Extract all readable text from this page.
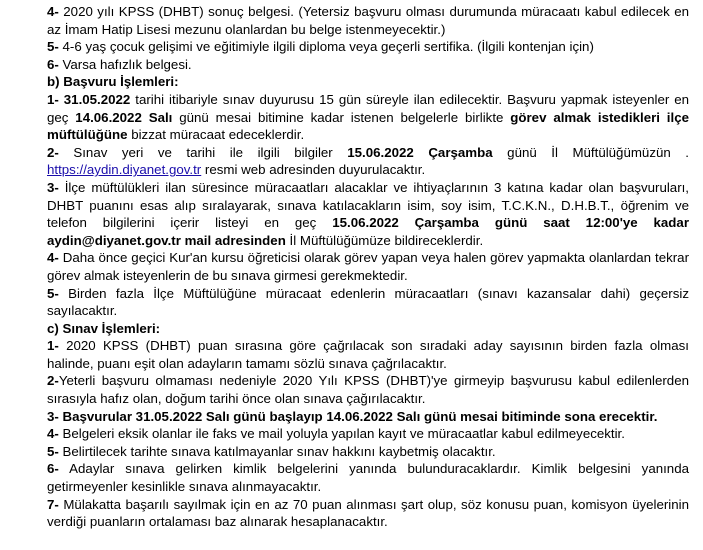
4- 2020 yılı KPSS (DHBT) sonuç belgesi. (Yetersiz başvuru olması durumunda müracaatı kabul edilecek en az İmam Hatip Lisesi mezunu olanlardan bu belge istenmeyecektir.)

5- 4-6 yaş çocuk gelişimi ve eğitimiyle ilgili diploma veya geçerli sertifika. (İlgili kontenjan için)

6- Varsa hafızlık belgesi.

b) Başvuru İşlemleri:

1- 31.05.2022 tarihi itibariyle sınav duyurusu 15 gün süreyle ilan edilecektir. Başvuru yapmak isteyenler en geç 14.06.2022 Salı günü mesai bitimine kadar istenen belgelerle birlikte görev almak istedikleri ilçe müftülüğüne bizzat müracaat edeceklerdir.

2- Sınav yeri ve tarihi ile ilgili bilgiler 15.06.2022 Çarşamba günü İl Müftülüğümüzün . https://aydin.diyanet.gov.tr resmi web adresinden duyurulacaktır.

3- İlçe müftülükleri ilan süresince müracaatları alacaklar ve ihtiyaçlarının 3 katına kadar olan başvuruları, DHBT puanını esas alıp sıralayarak, sınava katılacakların isim, soy isim, T.C.K.N., D.H.B.T., öğrenim ve telefon bilgilerini içerir listeyi en geç 15.06.2022 Çarşamba günü saat 12:00'ye kadar aydin@diyanet.gov.tr mail adresinden İl Müftülüğümüze bildireceklerdir.

4- Daha önce geçici Kur'an kursu öğreticisi olarak görev yapan veya halen görev yapmakta olanlardan tekrar görev almak isteyenlerin de bu sınava girmesi gerekmektedir.

5- Birden fazla İlçe Müftülüğüne müracaat edenlerin müracaatları (sınavı kazansalar dahi) geçersiz sayılacaktır.

c) Sınav İşlemleri:

1- 2020 KPSS (DHBT) puan sırasına göre çağrılacak son sıradaki aday sayısının birden fazla olması halinde, puanı eşit olan adayların tamamı sözlü sınava çağrılacaktır.

2-Yeterli başvuru olmaması nedeniyle 2020 Yılı KPSS (DHBT)'ye girmeyip başvurusu kabul edilenlerden sırasıyla hafız olan, doğum tarihi önce olan sınava çağırılacaktır.

3- Başvurular 31.05.2022 Salı günü başlayıp 14.06.2022 Salı günü mesai bitiminde sona erecektir.

4- Belgeleri eksik olanlar ile faks ve mail yoluyla yapılan kayıt ve müracaatlar kabul edilmeyecektir.

5- Belirtilecek tarihte sınava katılmayanlar sınav hakkını kaybetmiş olacaktır.

6- Adaylar sınava gelirken kimlik belgelerini yanında bulunduracaklardır. Kimlik belgesini yanında getirmeyenler kesinlikle sınava alınmayacaktır.

7- Mülakatta başarılı sayılmak için en az 70 puan alınması şart olup, söz konusu puan, komisyon üyelerinin verdiği puanların ortalaması baz alınarak hesaplanacaktır.
